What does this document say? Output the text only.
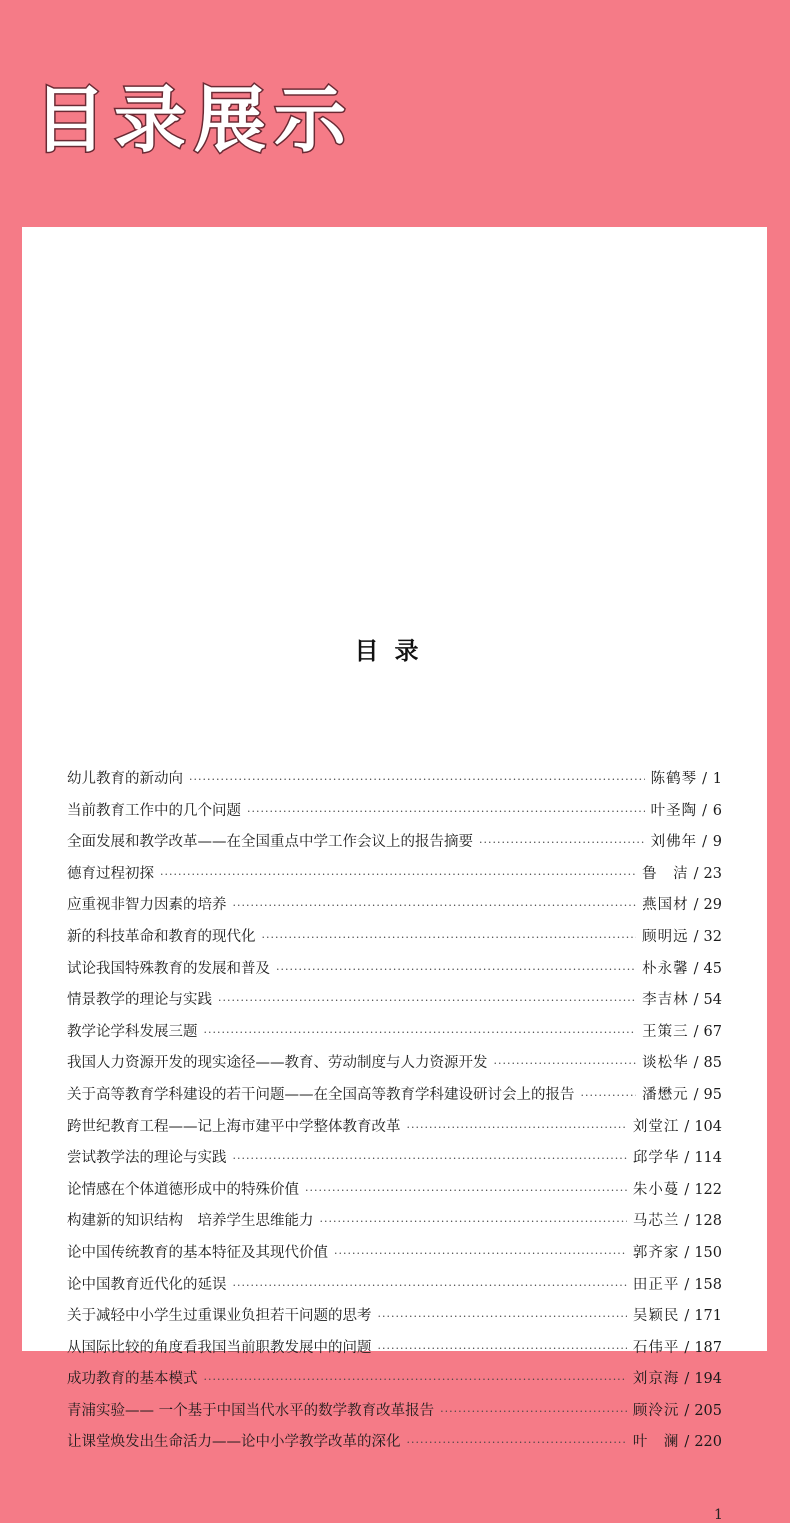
目录展示
目录
幼儿教育的新动向 ·····	陈鹤琴 / 1
当前教育工作中的几个问题 ·····	叶圣陶 / 6
全面发展和教学改革——在全国重点中学工作会议上的报告摘要 ·····	刘佛年 / 9
德育过程初探 ·····	鲁　洁 / 23
应重视非智力因素的培养 ·····	燕国材 / 29
新的科技革命和教育的现代化 ·····	顾明远 / 32
试论我国特殊教育的发展和普及 ·····	朴永馨 / 45
情景教学的理论与实践 ·····	李吉林 / 54
教学论学科发展三题 ·····	王策三 / 67
我国人力资源开发的现实途径——教育、劳动制度与人力资源开发 ·····	谈松华 / 85
关于高等教育学科建设的若干问题——在全国高等教育学科建设研讨会上的报告 ·····	潘懋元 / 95
跨世纪教育工程——记上海市建平中学整体教育改革 ·····	刘堂江 / 104
尝试教学法的理论与实践 ·····	邱学华 / 114
论情感在个体道德形成中的特殊价值 ·····	朱小蔓 / 122
构建新的知识结构　培养学生思维能力 ·····	马芯兰 / 128
论中国传统教育的基本特征及其现代价值 ·····	郭齐家 / 150
论中国教育近代化的延误 ·····	田正平 / 158
关于减轻中小学生过重课业负担若干问题的思考 ·····	吴颖民 / 171
从国际比较的角度看我国当前职教发展中的问题 ·····	石伟平 / 187
成功教育的基本模式 ·····	刘京海 / 194
青浦实验—— 一个基于中国当代水平的数学教育改革报告 ·····	顾泠沅 / 205
让课堂焕发出生命活力——论中小学教学改革的深化 ·····	叶　澜 / 220
1
